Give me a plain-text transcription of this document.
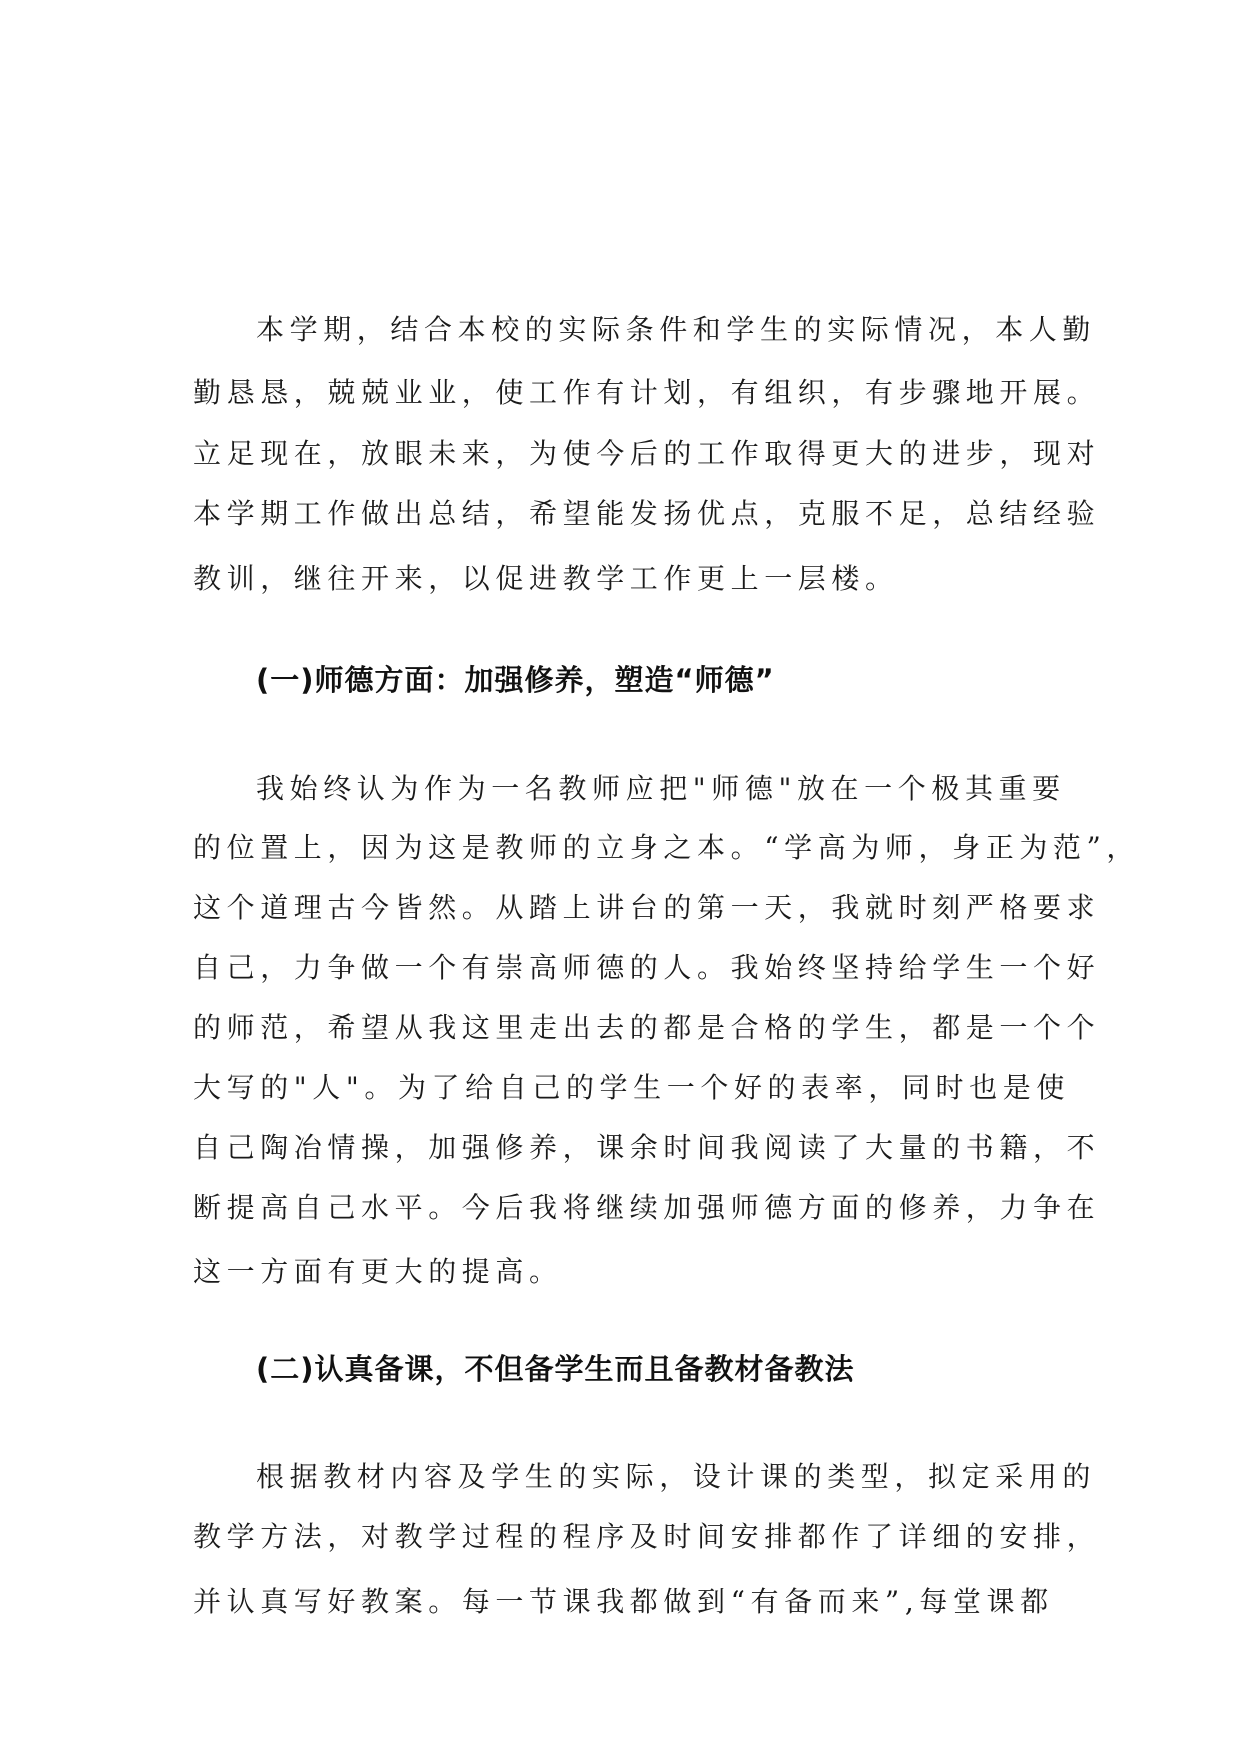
本学期，结合本校的实际条件和学生的实际情况，本人勤
勤恳恳，兢兢业业，使工作有计划，有组织，有步骤地开展。
立足现在，放眼未来，为使今后的工作取得更大的进步，现对
本学期工作做出总结，希望能发扬优点，克服不足，总结经验
教训，继往开来，以促进教学工作更上一层楼。
(一)师德方面：加强修养，塑造“师德”
我始终认为作为一名教师应把"师德"放在一个极其重要
的位置上，因为这是教师的立身之本。“学高为师，身正为范”，
这个道理古今皆然。从踏上讲台的第一天，我就时刻严格要求
自己，力争做一个有崇高师德的人。我始终坚持给学生一个好
的师范，希望从我这里走出去的都是合格的学生，都是一个个
大写的"人"。为了给自己的学生一个好的表率，同时也是使
自己陶冶情操，加强修养，课余时间我阅读了大量的书籍，不
断提高自己水平。今后我将继续加强师德方面的修养，力争在
这一方面有更大的提高。
(二)认真备课，不但备学生而且备教材备教法
根据教材内容及学生的实际，设计课的类型，拟定采用的
教学方法，对教学过程的程序及时间安排都作了详细的安排，
并认真写好教案。每一节课我都做到“有备而来”,每堂课都
